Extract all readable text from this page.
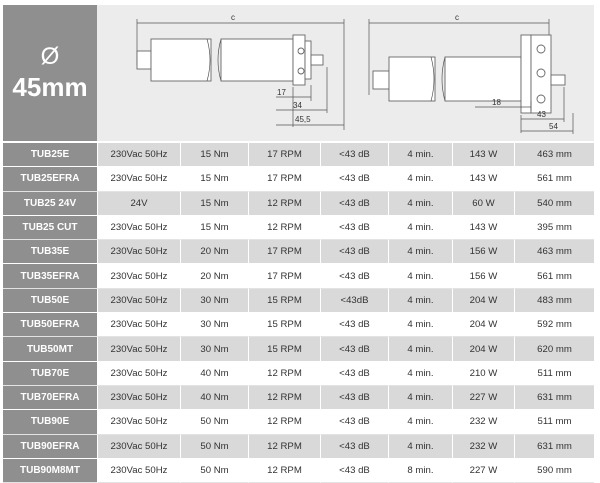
Ø
45mm
c
17
34
45,5
c
18
43
54
TUB25E	230Vac 50Hz	15 Nm	17 RPM	<43 dB	4 min.	143 W	463 mm
TUB25EFRA	230Vac 50Hz	15 Nm	17 RPM	<43 dB	4 min.	143 W	561 mm
TUB25 24V	24V	15 Nm	12 RPM	<43 dB	4 min.	60 W	540 mm
TUB25 CUT	230Vac 50Hz	15 Nm	12 RPM	<43 dB	4 min.	143 W	395 mm
TUB35E	230Vac 50Hz	20 Nm	17 RPM	<43 dB	4 min.	156 W	463 mm
TUB35EFRA	230Vac 50Hz	20 Nm	17 RPM	<43 dB	4 min.	156 W	561 mm
TUB50E	230Vac 50Hz	30 Nm	15 RPM	<43dB	4 min.	204 W	483 mm
TUB50EFRA	230Vac 50Hz	30 Nm	15 RPM	<43 dB	4 min.	204 W	592 mm
TUB50MT	230Vac 50Hz	30 Nm	15 RPM	<43 dB	4 min.	204 W	620 mm
TUB70E	230Vac 50Hz	40 Nm	12 RPM	<43 dB	4 min.	210 W	511 mm
TUB70EFRA	230Vac 50Hz	40 Nm	12 RPM	<43 dB	4 min.	227 W	631 mm
TUB90E	230Vac 50Hz	50 Nm	12 RPM	<43 dB	4 min.	232 W	511 mm
TUB90EFRA	230Vac 50Hz	50 Nm	12 RPM	<43 dB	4 min.	232 W	631 mm
TUB90M8MT	230Vac 50Hz	50 Nm	12 RPM	<43 dB	8 min.	227 W	590 mm
